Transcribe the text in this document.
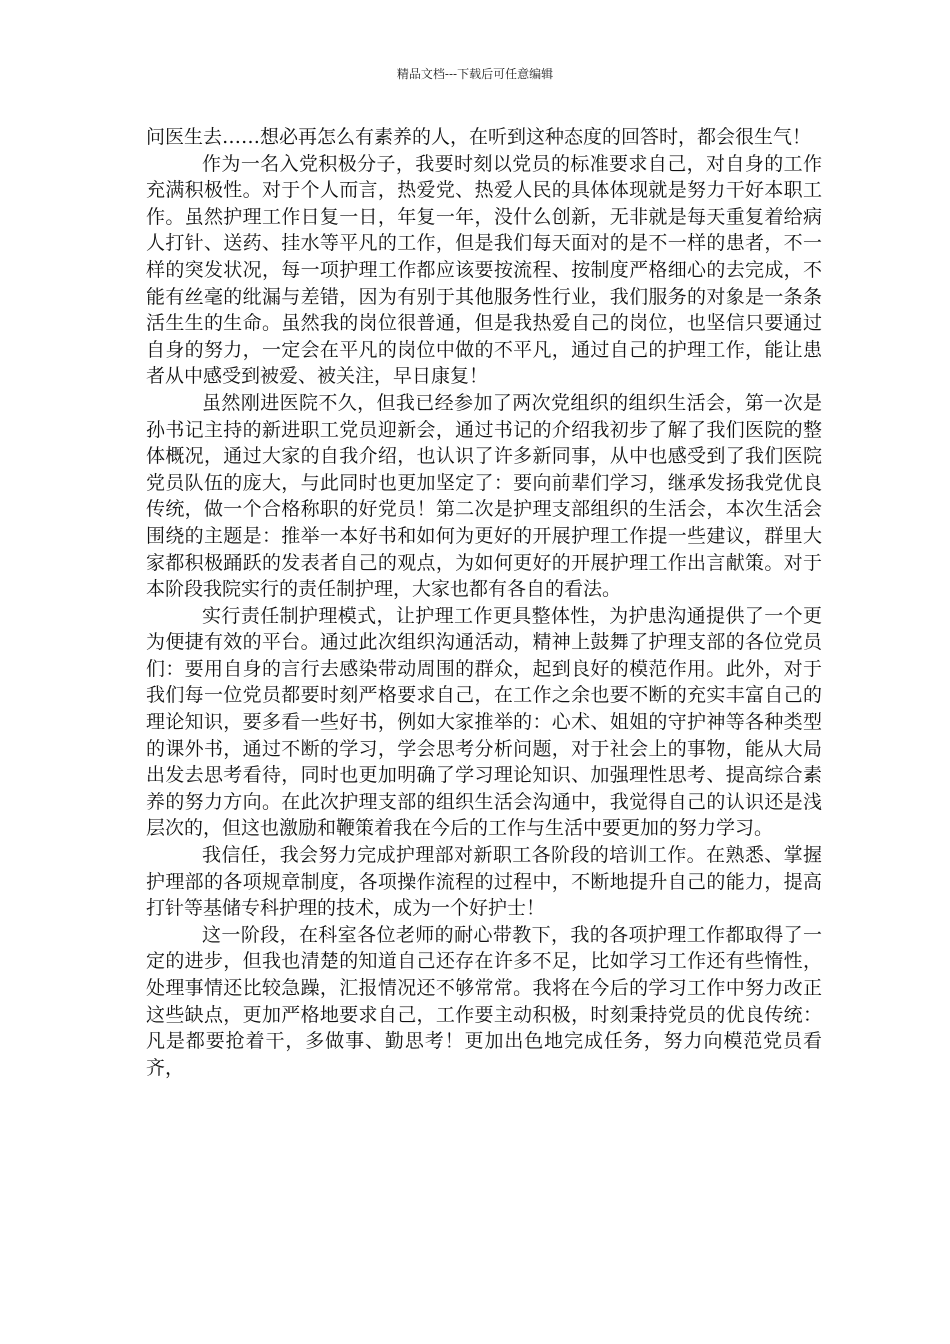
精品文档---下载后可任意编辑

问医生去……想必再怎么有素养的人，在听到这种态度的回答时，都会很生气！

作为一名入党积极分子，我要时刻以党员的标准要求自己，对自身的工作充满积极性。对于个人而言，热爱党、热爱人民的具体体现就是努力干好本职工作。虽然护理工作日复一日，年复一年，没什么创新，无非就是每天重复着给病人打针、送药、挂水等平凡的工作，但是我们每天面对的是不一样的患者，不一样的突发状况，每一项护理工作都应该要按流程、按制度严格细心的去完成，不能有丝毫的纰漏与差错，因为有别于其他服务性行业，我们服务的对象是一条条活生生的生命。虽然我的岗位很普通，但是我热爱自己的岗位，也坚信只要通过自身的努力，一定会在平凡的岗位中做的不平凡，通过自己的护理工作，能让患者从中感受到被爱、被关注，早日康复！

虽然刚进医院不久，但我已经参加了两次党组织的组织生活会，第一次是孙书记主持的新进职工党员迎新会，通过书记的介绍我初步了解了我们医院的整体概况，通过大家的自我介绍，也认识了许多新同事，从中也感受到了我们医院党员队伍的庞大，与此同时也更加坚定了：要向前辈们学习，继承发扬我党优良传统，做一个合格称职的好党员！第二次是护理支部组织的生活会，本次生活会围绕的主题是：推举一本好书和如何为更好的开展护理工作提一些建议，群里大家都积极踊跃的发表者自己的观点，为如何更好的开展护理工作出言献策。对于本阶段我院实行的责任制护理，大家也都有各自的看法。

实行责任制护理模式，让护理工作更具整体性，为护患沟通提供了一个更为便捷有效的平台。通过此次组织沟通活动，精神上鼓舞了护理支部的各位党员们：要用自身的言行去感染带动周围的群众，起到良好的模范作用。此外，对于我们每一位党员都要时刻严格要求自己，在工作之余也要不断的充实丰富自己的理论知识，要多看一些好书，例如大家推举的：心术、姐姐的守护神等各种类型的课外书，通过不断的学习，学会思考分析问题，对于社会上的事物，能从大局出发去思考看待，同时也更加明确了学习理论知识、加强理性思考、提高综合素养的努力方向。在此次护理支部的组织生活会沟通中，我觉得自己的认识还是浅层次的，但这也激励和鞭策着我在今后的工作与生活中要更加的努力学习。

我信任，我会努力完成护理部对新职工各阶段的培训工作。在熟悉、掌握护理部的各项规章制度，各项操作流程的过程中，不断地提升自己的能力，提高打针等基储专科护理的技术，成为一个好护士！

这一阶段，在科室各位老师的耐心带教下，我的各项护理工作都取得了一定的进步，但我也清楚的知道自己还存在许多不足，比如学习工作还有些惰性，处理事情还比较急躁，汇报情况还不够常常。我将在今后的学习工作中努力改正这些缺点，更加严格地要求自己，工作要主动积极，时刻秉持党员的优良传统：凡是都要抢着干，多做事、勤思考！更加出色地完成任务，努力向模范党员看齐，
